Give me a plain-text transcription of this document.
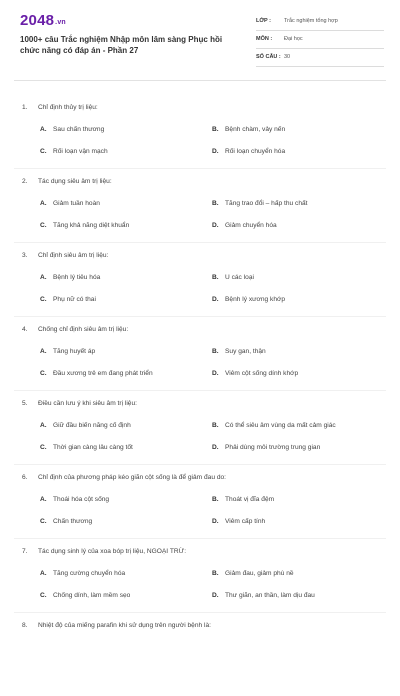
2048.vn
1000+ câu Trắc nghiệm Nhập môn lâm sàng Phục hồi chức năng có đáp án - Phần 27
LỚP : Trắc nghiệm tổng hợp
MÔN : Đại học
SỐ CÂU : 30
1. Chỉ định thủy trị liệu:
A. Sau chấn thương	B. Bệnh chàm, vảy nến
C. Rối loạn vận mạch	D. Rối loạn chuyển hóa
2. Tác dụng siêu âm trị liệu:
A. Giảm tuần hoàn	B. Tăng trao đổi – hấp thu chất
C. Tăng khả năng diệt khuẩn	D. Giảm chuyển hóa
3. Chỉ định siêu âm trị liệu:
A. Bệnh lý tiêu hóa	B. U các loại
C. Phụ nữ có thai	D. Bệnh lý xương khớp
4. Chống chỉ định siêu âm trị liệu:
A. Tăng huyết áp	B. Suy gan, thận
C. Đầu xương trẻ em đang phát triển	D. Viêm cột sống dính khớp
5. Điều cần lưu ý khi siêu âm trị liệu:
A. Giữ đầu biến năng cố định	B. Có thể siêu âm vùng da mất cảm giác
C. Thời gian càng lâu càng tốt	D. Phải dùng môi trường trung gian
6. Chỉ định của phương pháp kéo giãn cột sống là để giảm đau do:
A. Thoái hóa cột sống	B. Thoát vị đĩa đệm
C. Chấn thương	D. Viêm cấp tính
7. Tác dụng sinh lý của xoa bóp trị liệu, NGOẠI TRỪ:
A. Tăng cường chuyển hóa	B. Giảm đau, giảm phù nề
C. Chống dính, làm mềm sẹo	D. Thư giãn, an thần, làm dịu đau
8. Nhiệt độ của miếng parafin khi sử dụng trên người bệnh là:
